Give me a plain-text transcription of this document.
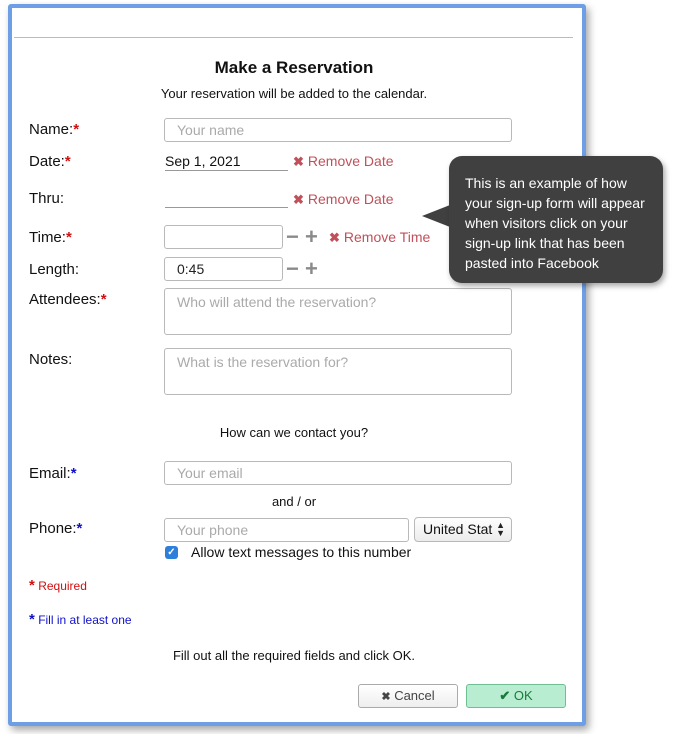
Make a Reservation
Your reservation will be added to the calendar.
Name:*
Your name
Date:*	Sep 1, 2021	✖ Remove Date
Thru:	✖ Remove Date
Time:*	− + ✖ Remove Time
Length:
0:45	− +
Attendees:*
Who will attend the reservation?
Notes:
What is the reservation for?
How can we contact you?
Email:*
Your email
and / or
Phone:*
Your phone	United Stat ▲
▼
✓ Allow text messages to this number
* Required
* Fill in at least one
Fill out all the required fields and click OK.
✖ Cancel	✔ OK
This is an example of how your sign-up form will appear when visitors click on your sign-up link that has been pasted into Facebook
